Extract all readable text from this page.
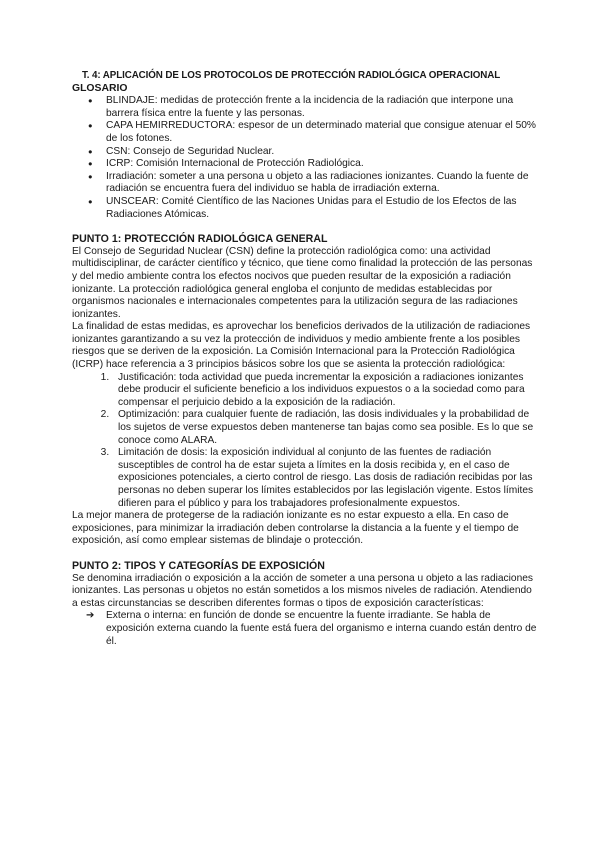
T. 4: APLICACIÓN DE LOS PROTOCOLOS DE PROTECCIÓN RADIOLÓGICA OPERACIONAL
GLOSARIO
● BLINDAJE: medidas de protección frente a la incidencia de la radiación que interpone una barrera física entre la fuente y las personas.
● CAPA HEMIRREDUCTORA: espesor de un determinado material que consigue atenuar el 50% de los fotones.
● CSN: Consejo de Seguridad Nuclear.
● ICRP: Comisión Internacional de Protección Radiológica.
● Irradiación: someter a una persona u objeto a las radiaciones ionizantes. Cuando la fuente de radiación se encuentra fuera del individuo se habla de irradiación externa.
● UNSCEAR: Comité Científico de las Naciones Unidas para el Estudio de los Efectos de las Radiaciones Atómicas.
PUNTO 1: PROTECCIÓN RADIOLÓGICA GENERAL

El Consejo de Seguridad Nuclear (CSN) define la protección radiológica como: una actividad multidisciplinar, de carácter científico y técnico, que tiene como finalidad la protección de las personas y del medio ambiente contra los efectos nocivos que pueden resultar de la exposición a radiación ionizante. La protección radiológica general engloba el conjunto de medidas establecidas por organismos nacionales e internacionales competentes para la utilización segura de las radiaciones ionizantes.

La finalidad de estas medidas, es aprovechar los beneficios derivados de la utilización de radiaciones ionizantes garantizando a su vez la protección de individuos y medio ambiente frente a los posibles riesgos que se deriven de la exposición. La Comisión Internacional para la Protección Radiológica (ICRP) hace referencia a 3 principios básicos sobre los que se asienta la protección radiológica:

1. Justificación: toda actividad que pueda incrementar la exposición a radiaciones ionizantes debe producir el suficiente beneficio a los individuos expuestos o a la sociedad como para compensar el perjuicio debido a la exposición de la radiación.
2. Optimización: para cualquier fuente de radiación, las dosis individuales y la probabilidad de los sujetos de verse expuestos deben mantenerse tan bajas como sea posible. Es lo que se conoce como ALARA.
3. Limitación de dosis: la exposición individual al conjunto de las fuentes de radiación susceptibles de control ha de estar sujeta a límites en la dosis recibida y, en el caso de exposiciones potenciales, a cierto control de riesgo. Las dosis de radiación recibidas por las personas no deben superar los límites establecidos por las legislación vigente. Estos límites difieren para el público y para los trabajadores profesionalmente expuestos.

La mejor manera de protegerse de la radiación ionizante es no estar expuesto a ella. En caso de exposiciones, para minimizar la irradiación deben controlarse la distancia a la fuente y el tiempo de exposición, así como emplear sistemas de blindaje o protección.

PUNTO 2: TIPOS Y CATEGORÍAS DE EXPOSICIÓN

Se denomina irradiación o exposición a la acción de someter a una persona u objeto a las radiaciones ionizantes. Las personas u objetos no están sometidos a los mismos niveles de radiación. Atendiendo a estas circunstancias se describen diferentes formas o tipos de exposición características:

➔ Externa o interna: en función de donde se encuentre la fuente irradiante. Se habla de exposición externa cuando la fuente está fuera del organismo e interna cuando están dentro de él.
